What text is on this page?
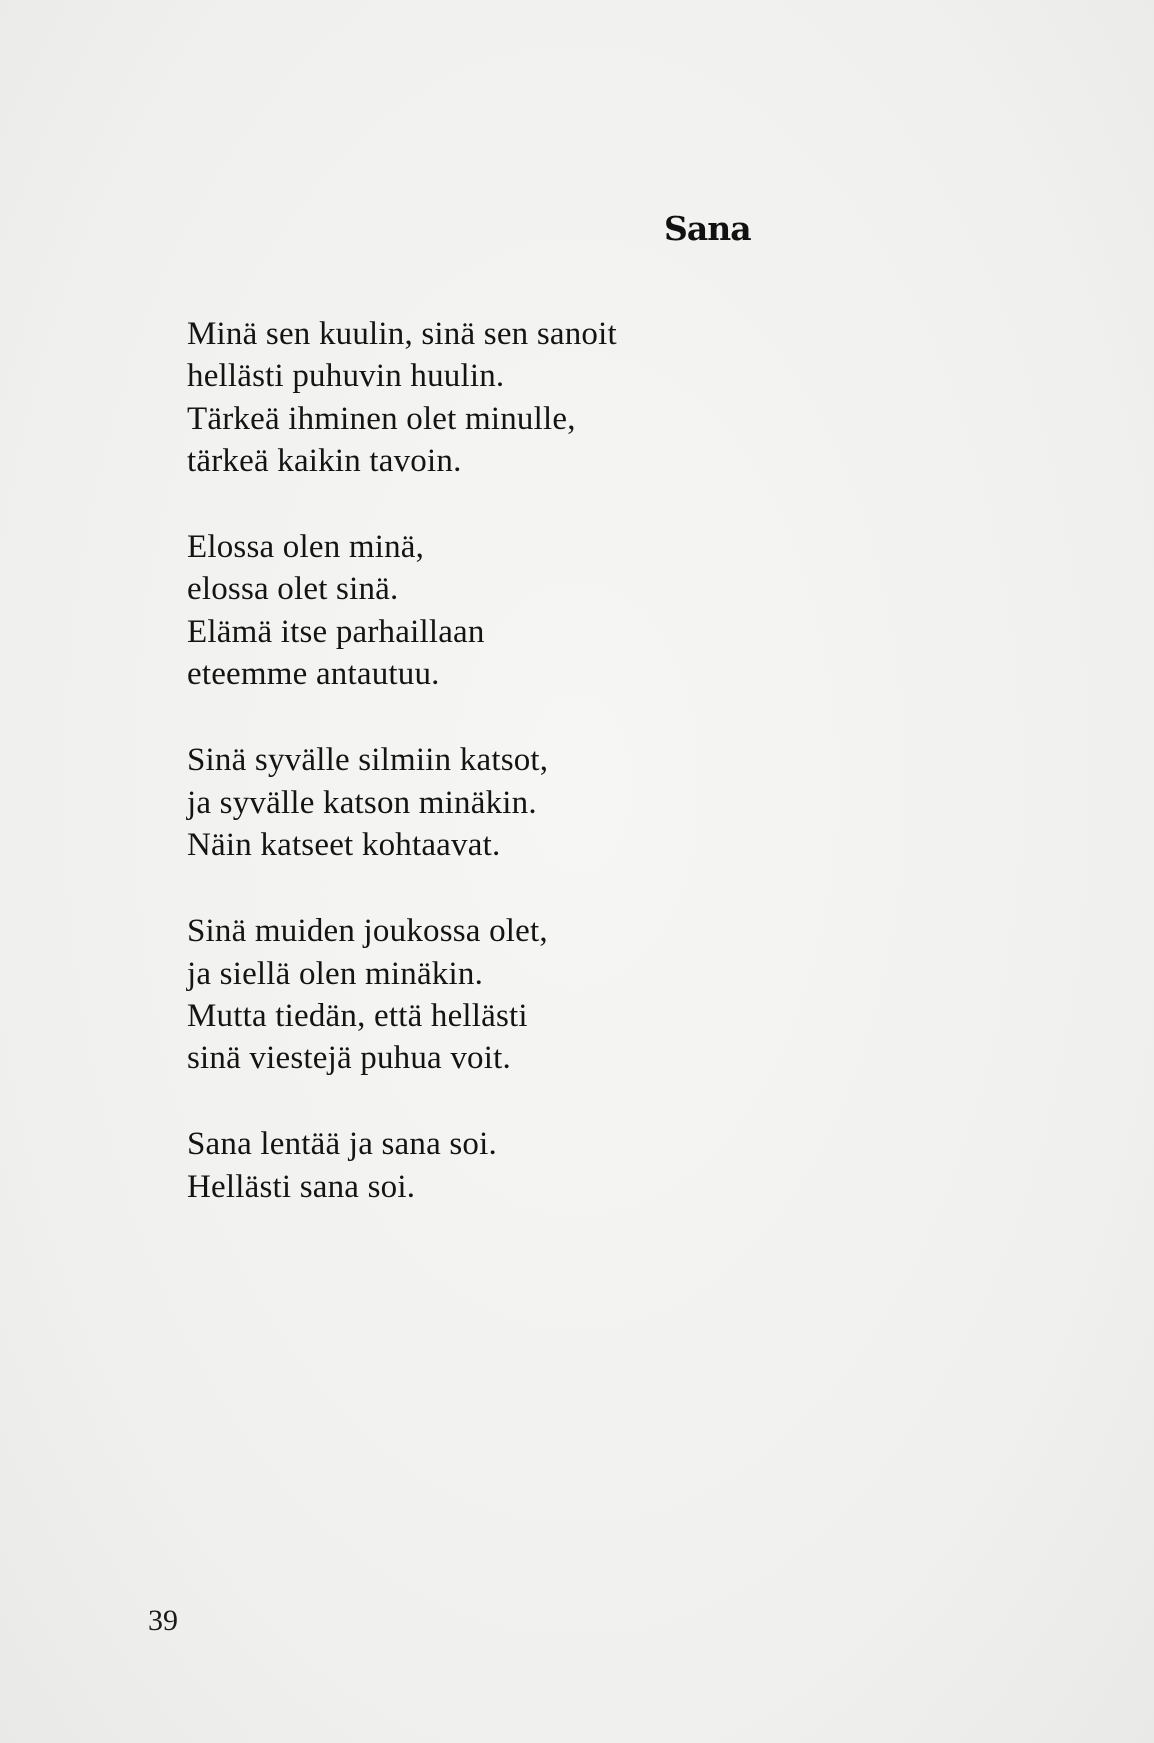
Sana
Minä sen kuulin, sinä sen sanoit
hellästi puhuvin huulin.
Tärkeä ihminen olet minulle,
tärkeä kaikin tavoin.
Elossa olen minä,
elossa olet sinä.
Elämä itse parhaillaan
eteemme antautuu.
Sinä syvälle silmiin katsot,
ja syvälle katson minäkin.
Näin katseet kohtaavat.
Sinä muiden joukossa olet,
ja siellä olen minäkin.
Mutta tiedän, että hellästi
sinä viestejä puhua voit.
Sana lentää ja sana soi.
Hellästi sana soi.
39
